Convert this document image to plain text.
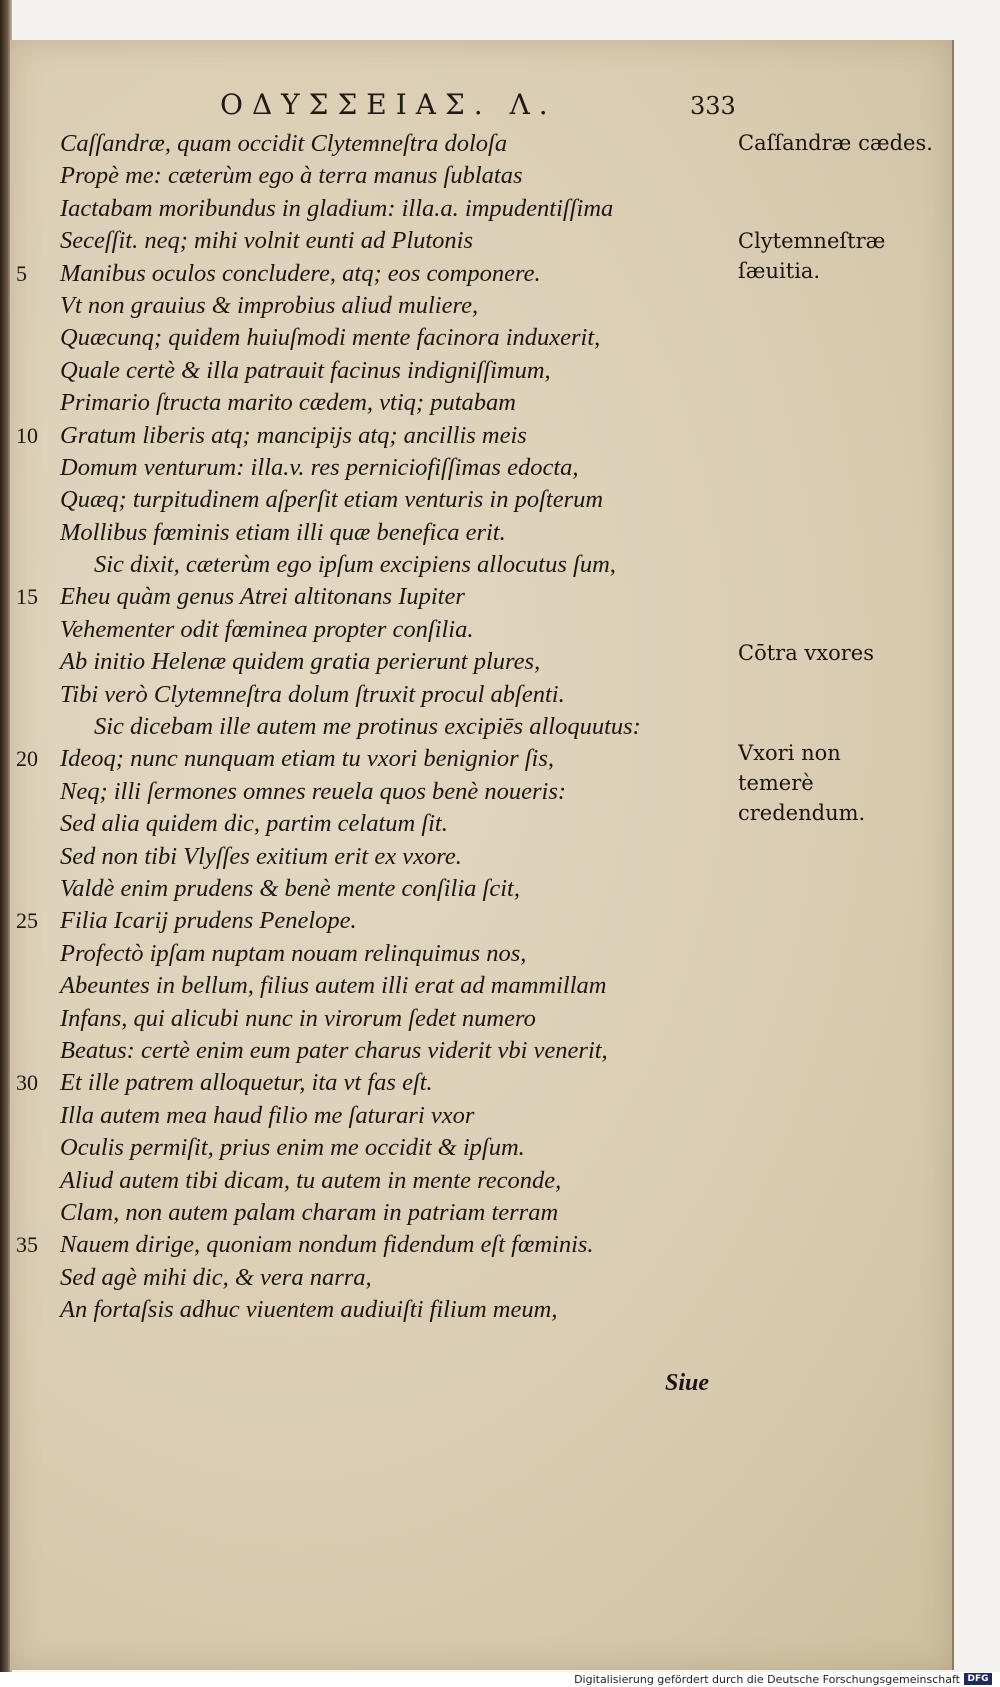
ΟΔΥΣΣΕΙΑΣ. Λ.	333
Caſſandræ, quam occidit Clytemneſtra doloſa
Propè me: cæterùm ego à terra manus ſublatas
Iactabam moribundus in gladium: illa.a. impudentiſſima
Seceſſit. neq; mihi volnit eunti ad Plutonis
5 Manibus oculos concludere, atq; eos componere.
Vt non grauius & improbius aliud muliere,
Quæcunq; quidem huiuſmodi mente facinora induxerit,
Quale certè & illa patrauit facinus indigniſſimum,
Primario ſtructa marito cædem, vtiq; putabam
10 Gratum liberis atq; mancipijs atq; ancillis meis
Domum venturum: illa.v. res perniciofiſſimas edocta,
Quæq; turpitudinem aſperſit etiam venturis in poſterum
Mollibus fœminis etiam illi quæ benefica erit.
Sic dixit, cæterùm ego ipſum excipiens allocutus ſum,
15 Eheu quàm genus Atrei altitonans Iupiter
Vehementer odit fœminea propter conſilia.
Ab initio Helenæ quidem gratia perierunt plures,
Tibi verò Clytemneſtra dolum ſtruxit procul abſenti.
Sic dicebam ille autem me protinus excipiēs alloquutus:
20 Ideoq; nunc nunquam etiam tu vxori benignior ſis,
Neq; illi ſermones omnes reuela quos benè noueris:
Sed alia quidem dic, partim celatum ſit.
Sed non tibi Vlyſſes exitium erit ex vxore.
Valdè enim prudens & benè mente conſilia ſcit,
25 Filia Icarij prudens Penelope.
Profectò ipſam nuptam nouam relinquimus nos,
Abeuntes in bellum, filius autem illi erat ad mammillam
Infans, qui alicubi nunc in virorum ſedet numero
Beatus: certè enim eum pater charus viderit vbi venerit,
30 Et ille patrem alloquetur, ita vt fas eſt.
Illa autem mea haud filio me ſaturari vxor
Oculis permiſit, prius enim me occidit & ipſum.
Aliud autem tibi dicam, tu autem in mente reconde,
Clam, non autem palam charam in patriam terram
35 Nauem dirige, quoniam nondum fidendum eſt fœminis.
Sed agè mihi dic, & vera narra,
An fortaſsis adhuc viuentem audiuiſti filium meum,
Caſſandræ cædes.
Clytemneſtræ ſæuitia.
Cōtra vxores
Vxori non temerè credendum.
Siue
Digitalisierung gefördert durch die Deutsche Forschungsgemeinschaft DFG
